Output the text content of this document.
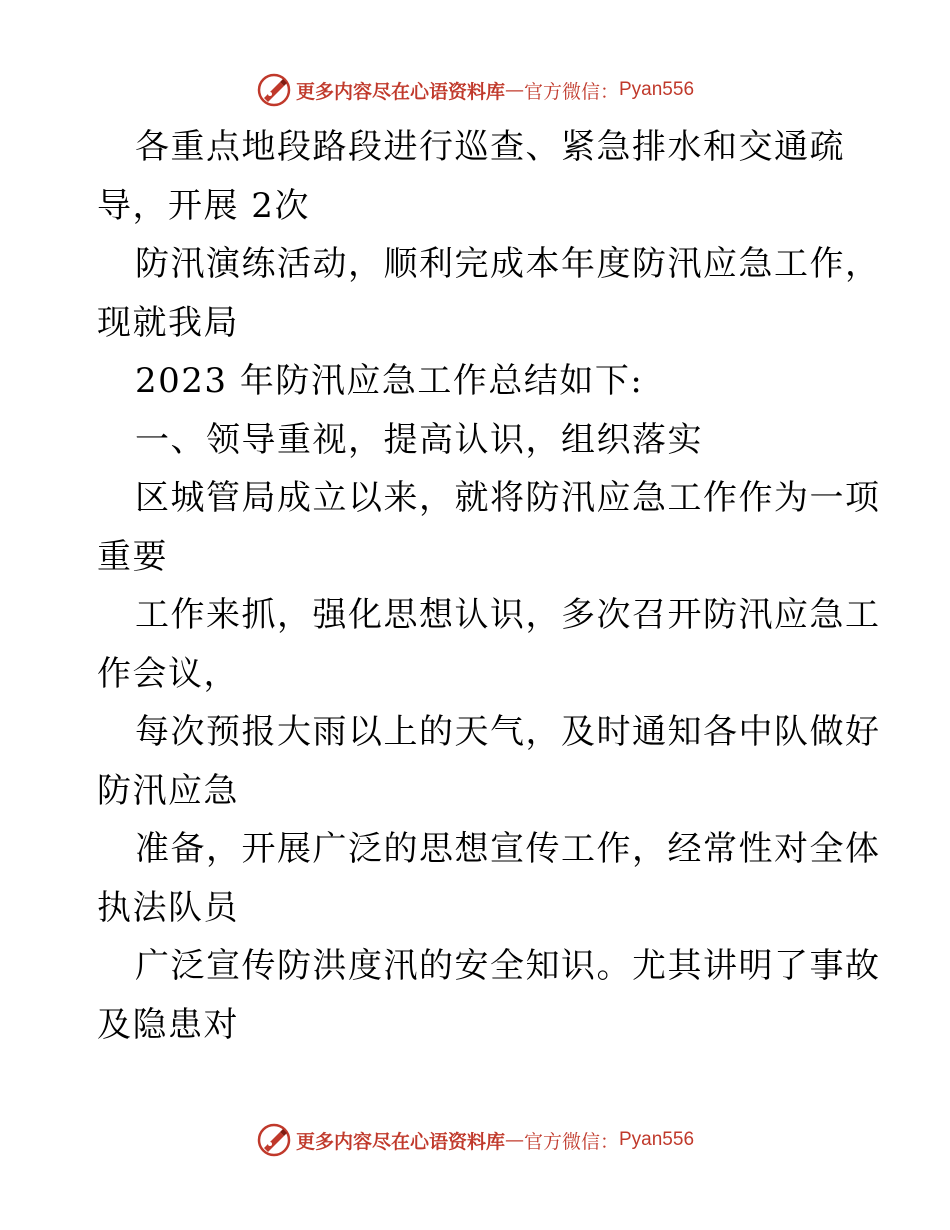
更多内容尽在心语资料库 — 官方微信： Pyan556
各重点地段路段进行巡查、紧急排水和交通疏
导，开展 2次
防汛演练活动，顺利完成本年度防汛应急工作，
现就我局
2023 年防汛应急工作总结如下:
一、领导重视，提高认识，组织落实
区城管局成立以来，就将防汛应急工作作为一项
重要
工作来抓，强化思想认识，多次召开防汛应急工
作会议，
每次预报大雨以上的天气，及时通知各中队做好
防汛应急
准备，开展广泛的思想宣传工作，经常性对全体
执法队员
广泛宣传防洪度汛的安全知识。尤其讲明了事故
及隐患对
更多内容尽在心语资料库 — 官方微信： Pyan556
